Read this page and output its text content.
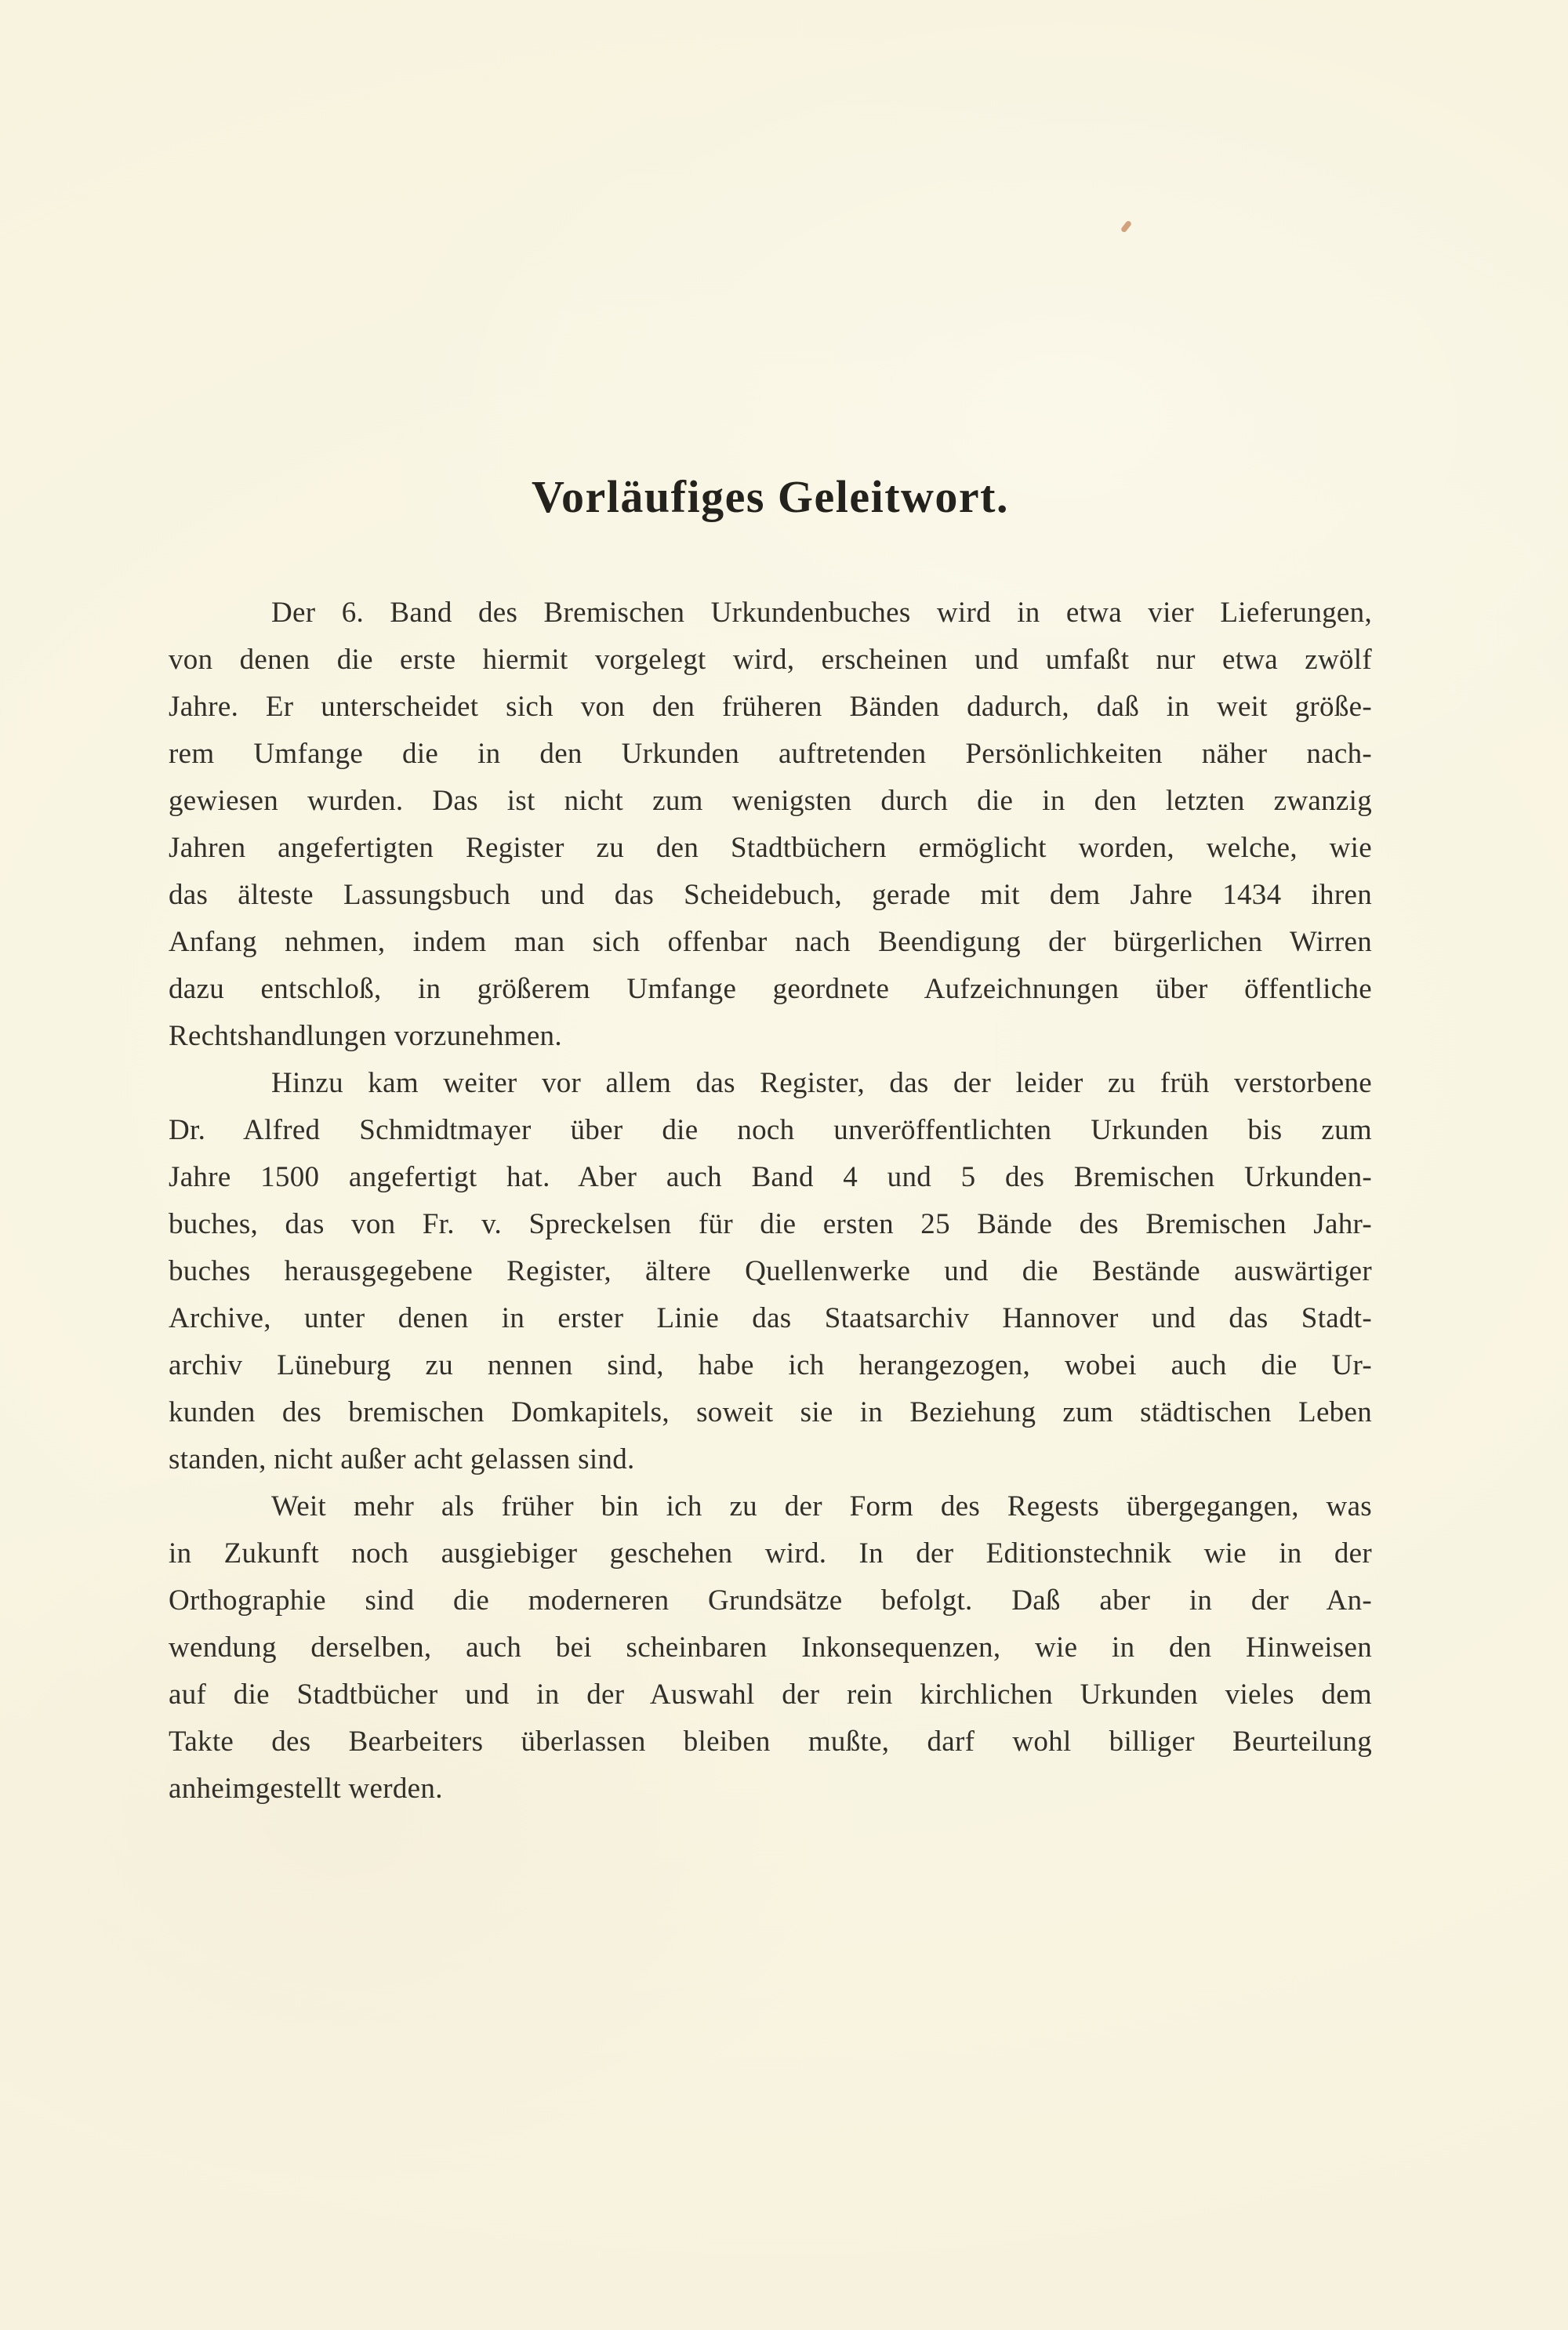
Vorläufiges Geleitwort.
Der 6. Band des Bremischen Urkundenbuches wird in etwa vier Lieferungen,
von denen die erste hiermit vorgelegt wird, erscheinen und umfaßt nur etwa zwölf
Jahre. Er unterscheidet sich von den früheren Bänden dadurch, daß in weit größe-
rem Umfange die in den Urkunden auftretenden Persönlichkeiten näher nach-
gewiesen wurden. Das ist nicht zum wenigsten durch die in den letzten zwanzig
Jahren angefertigten Register zu den Stadtbüchern ermöglicht worden, welche, wie
das älteste Lassungsbuch und das Scheidebuch, gerade mit dem Jahre 1434 ihren
Anfang nehmen, indem man sich offenbar nach Beendigung der bürgerlichen Wirren
dazu entschloß, in größerem Umfange geordnete Aufzeichnungen über öffentliche
Rechtshandlungen vorzunehmen.
Hinzu kam weiter vor allem das Register, das der leider zu früh verstorbene
Dr. Alfred Schmidtmayer über die noch unveröffentlichten Urkunden bis zum
Jahre 1500 angefertigt hat. Aber auch Band 4 und 5 des Bremischen Urkunden-
buches, das von Fr. v. Spreckelsen für die ersten 25 Bände des Bremischen Jahr-
buches herausgegebene Register, ältere Quellenwerke und die Bestände auswärtiger
Archive, unter denen in erster Linie das Staatsarchiv Hannover und das Stadt-
archiv Lüneburg zu nennen sind, habe ich herangezogen, wobei auch die Ur-
kunden des bremischen Domkapitels, soweit sie in Beziehung zum städtischen Leben
standen, nicht außer acht gelassen sind.
Weit mehr als früher bin ich zu der Form des Regests übergegangen, was
in Zukunft noch ausgiebiger geschehen wird. In der Editionstechnik wie in der
Orthographie sind die moderneren Grundsätze befolgt. Daß aber in der An-
wendung derselben, auch bei scheinbaren Inkonsequenzen, wie in den Hinweisen
auf die Stadtbücher und in der Auswahl der rein kirchlichen Urkunden vieles dem
Takte des Bearbeiters überlassen bleiben mußte, darf wohl billiger Beurteilung
anheimgestellt werden.
